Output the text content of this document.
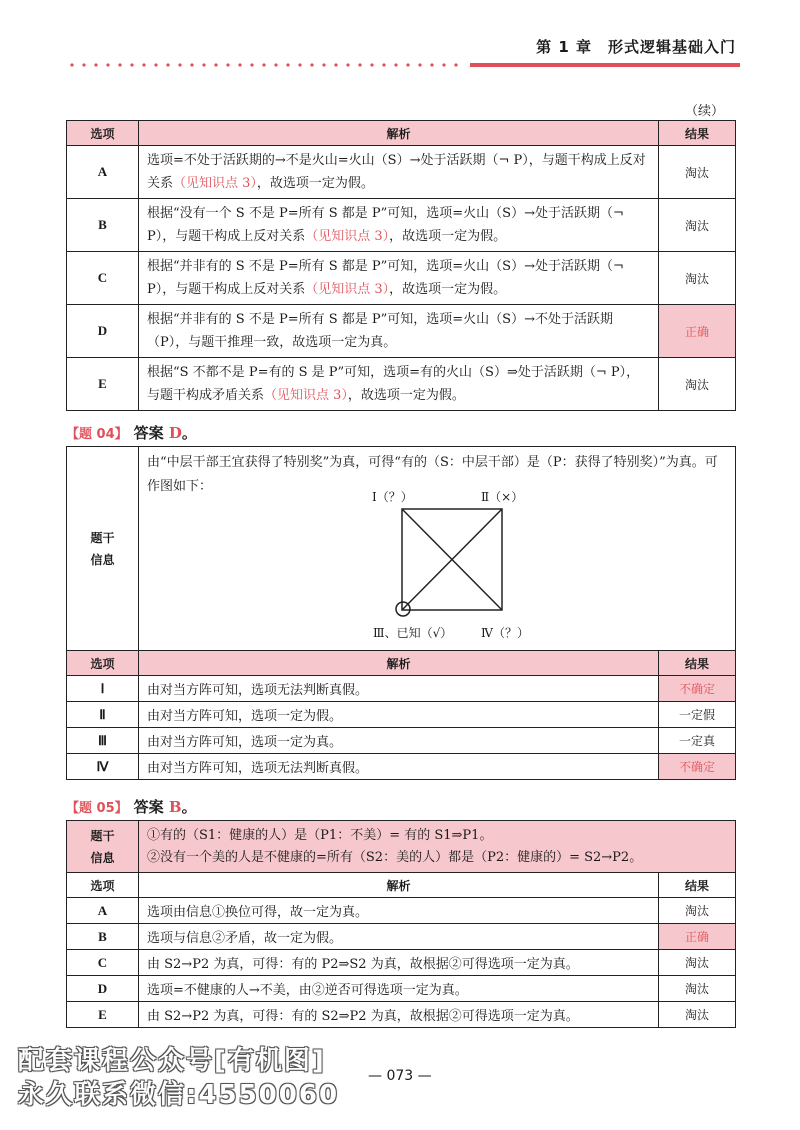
第 1 章　形式逻辑基础入门
（续）
选项	解析	结果
A	选项=不处于活跃期的→不是火山=火山（S）→处于活跃期（¬ P），与题干构成上反对关系（见知识点 3），故选项一定为假。	淘汰
B	根据“没有一个 S 不是 P=所有 S 都是 P”可知，选项=火山（S）→处于活跃期（¬ P），与题干构成上反对关系（见知识点 3），故选项一定为假。	淘汰
C	根据“并非有的 S 不是 P=所有 S 都是 P”可知，选项=火山（S）→处于活跃期（¬ P），与题干构成上反对关系（见知识点 3），故选项一定为假。	淘汰
D	根据“并非有的 S 不是 P=所有 S 都是 P”可知，选项=火山（S）→不处于活跃期（P），与题干推理一致，故选项一定为真。	正确
E	根据“S 不都不是 P=有的 S 是 P”可知，选项=有的火山（S）⇒处于活跃期（¬ P），与题干构成矛盾关系（见知识点 3），故选项一定为假。	淘汰
【题 04】 答案 D。
题干信息	由“中层干部王宜获得了特别奖”为真，可得“有的（S：中层干部）是（P：获得了特别奖）”为真。可作图如下：
Ⅰ（？） Ⅱ（×）
Ⅲ、已知（√） Ⅳ（？）	

选项	解析	结果
Ⅰ	由对当方阵可知，选项无法判断真假。	不确定
Ⅱ	由对当方阵可知，选项一定为假。	一定假
Ⅲ	由对当方阵可知，选项一定为真。	一定真
Ⅳ	由对当方阵可知，选项无法判断真假。	不确定
【题 05】 答案 B。
题干信息	①有的（S1：健康的人）是（P1：不美）= 有的 S1⇒P1。
②没有一个美的人是不健康的=所有（S2：美的人）都是（P2：健康的）= S2→P2。	

选项	解析	结果
A	选项由信息①换位可得，故一定为真。	淘汰
B	选项与信息②矛盾，故一定为假。	正确
C	由 S2→P2 为真，可得：有的 P2⇒S2 为真，故根据②可得选项一定为真。	淘汰
D	选项=不健康的人→不美，由②逆否可得选项一定为真。	淘汰
E	由 S2→P2 为真，可得：有的 S2⇒P2 为真，故根据②可得选项一定为真。	淘汰
配套课程公众号[有机图]
永久联系微信:4550060
— 073 —
